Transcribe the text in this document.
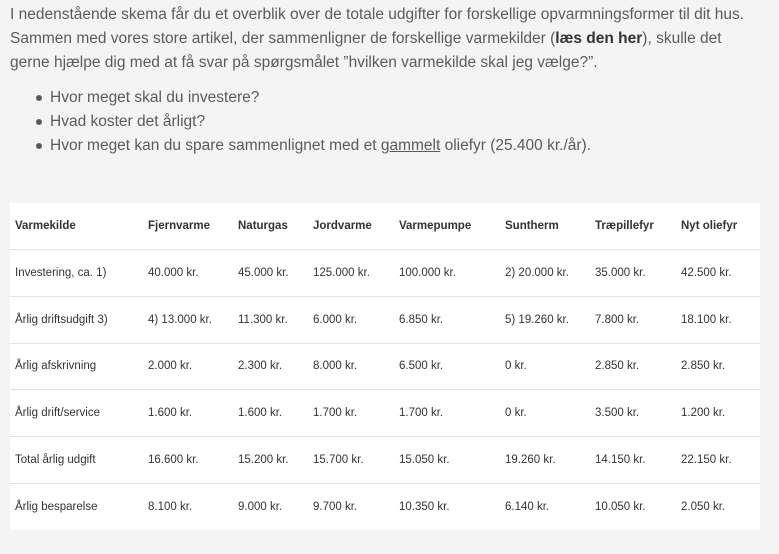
I nedenstående skema får du et overblik over de totale udgifter for forskellige opvarmningsformer til dit hus.
Sammen med vores store artikel, der sammenligner de forskellige varmekilder (læs den her), skulle det
gerne hjælpe dig med at få svar på spørgsmålet ”hvilken varmekilde skal jeg vælge?”.
Hvor meget skal du investere?
Hvad koster det årligt?
Hvor meget kan du spare sammenlignet med et gammelt oliefyr (25.400 kr./år).
Varmekilde	Fjernvarme	Naturgas	Jordvarme	Varmepumpe	Suntherm	Træpillefyr	Nyt oliefyr
Investering, ca. 1)	40.000 kr.	45.000 kr.	125.000 kr.	100.000 kr.	2) 20.000 kr.	35.000 kr.	42.500 kr.
Årlig driftsudgift 3)	4) 13.000 kr.	11.300 kr.	6.000 kr.	6.850 kr.	5) 19.260 kr.	7.800 kr.	18.100 kr.
Årlig afskrivning	2.000 kr.	2.300 kr.	8.000 kr.	6.500 kr.	0 kr.	2.850 kr.	2.850 kr.
Årlig drift/service	1.600 kr.	1.600 kr.	1.700 kr.	1.700 kr.	0 kr.	3.500 kr.	1.200 kr.
Total årlig udgift	16.600 kr.	15.200 kr.	15.700 kr.	15.050 kr.	19.260 kr.	14.150 kr.	22.150 kr.
Årlig besparelse	8.100 kr.	9.000 kr.	9.700 kr.	10.350 kr.	6.140 kr.	10.050 kr.	2.050 kr.
